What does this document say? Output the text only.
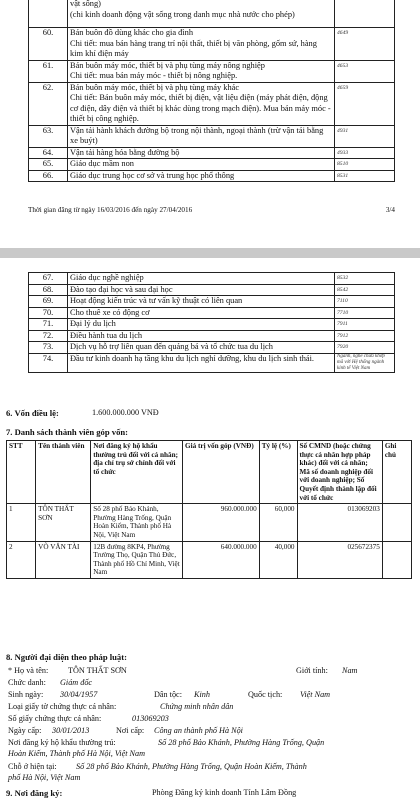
	vật sống)
(chi kinh doanh động vật sống trong danh mục nhà nước cho phép)	
60.	Bán buôn đồ dùng khác cho gia đình
Chi tiết: mua bán hàng trang trí nội thất, thiết bị văn phòng, gốm sứ, hàng kim khí điện máy	4649
61.	Bán buôn máy móc, thiết bị và phụ tùng máy nông nghiệp
Chi tiết: mua bán máy móc - thiết bị nông nghiệp.	4653
62.	Bán buôn máy móc, thiết bị và phụ tùng máy khác
Chi tiết: Bán buôn máy móc, thiết bị điện, vật liệu điện (máy phát điện, động cơ điện, dây điện và thiết bị khác dùng trong mạch điện). Mua bán máy móc - thiết bị công nghiệp.	4659
63.	Vận tải hành khách đường bộ trong nội thành, ngoại thành (trừ vận tải bằng xe buýt)	4931
64.	Vận tải hàng hóa bằng đường bộ	4933
65.	Giáo dục mầm non	8510
66.	Giáo dục trung học cơ sở và trung học phổ thông	8531
Thời gian đăng từ ngày 16/03/2016 đến ngày 27/04/2016	3/4
67.	Giáo dục nghề nghiệp	8532
68.	Đào tạo đại học và sau đại học	8542
69.	Hoạt động kiến trúc và tư vấn kỹ thuật có liên quan	7110
70.	Cho thuê xe có động cơ	7710
71.	Đại lý du lịch	7911
72.	Điều hành tua du lịch	7912
73.	Dịch vụ hỗ trợ liên quan đến quảng bá và tổ chức tua du lịch	7920
74.	Đầu tư kinh doanh hạ tầng khu du lịch nghỉ dưỡng, khu du lịch sinh thái.	Ngành, nghề chưa khớp mã với Hệ thống ngành kinh tế Việt Nam
6. Vốn điều lệ:	1.600.000.000 VNĐ
7. Danh sách thành viên góp vốn:
STT	Tên thành viên	Nơi đăng ký hộ khẩu thường trú đối với cá nhân; địa chỉ trụ sở chính đối với tổ chức	Giá trị vốn góp (VNĐ)	Tỷ lệ (%)	Số CMND (hoặc chứng thực cá nhân hợp pháp khác) đối với cá nhân; Mã số doanh nghiệp đối với doanh nghiệp; Số Quyết định thành lập đối với tổ chức	Ghi chú
1	TÔN THẤT SƠN	Số 28 phố Bảo Khánh, Phường Hàng Trống, Quận Hoàn Kiếm, Thành phố Hà Nội, Việt Nam	960.000.000	60,000	013069203	
2	VÕ VĂN TÀI	12B đường 8KP4, Phường Trường Thọ, Quận Thủ Đức, Thành phố Hồ Chí Minh, Việt Nam	640.000.000	40,000	025672375	
8. Người đại diện theo pháp luật:
* Họ và tên: TÔN THẤT SƠN	Giới tính: Nam
Chức danh: Giám đốc
Sinh ngày: 30/04/1957	Dân tộc: Kinh	Quốc tịch: Việt Nam
Loại giấy tờ chứng thực cá nhân:	Chứng minh nhân dân
Số giấy chứng thực cá nhân:	013069203
Ngày cấp: 30/01/2013	Nơi cấp: Công an thành phố Hà Nội
Nơi đăng ký hộ khẩu thường trú:	Số 28 phố Bảo Khánh, Phường Hàng Trống, Quận
Hoàn Kiếm, Thành phố Hà Nội, Việt Nam
Chỗ ở hiện tại: Số 28 phố Bảo Khánh, Phường Hàng Trống, Quận Hoàn Kiếm, Thành
phố Hà Nội, Việt Nam
9. Nơi đăng ký:	Phòng Đăng ký kinh doanh Tỉnh Lâm Đồng
